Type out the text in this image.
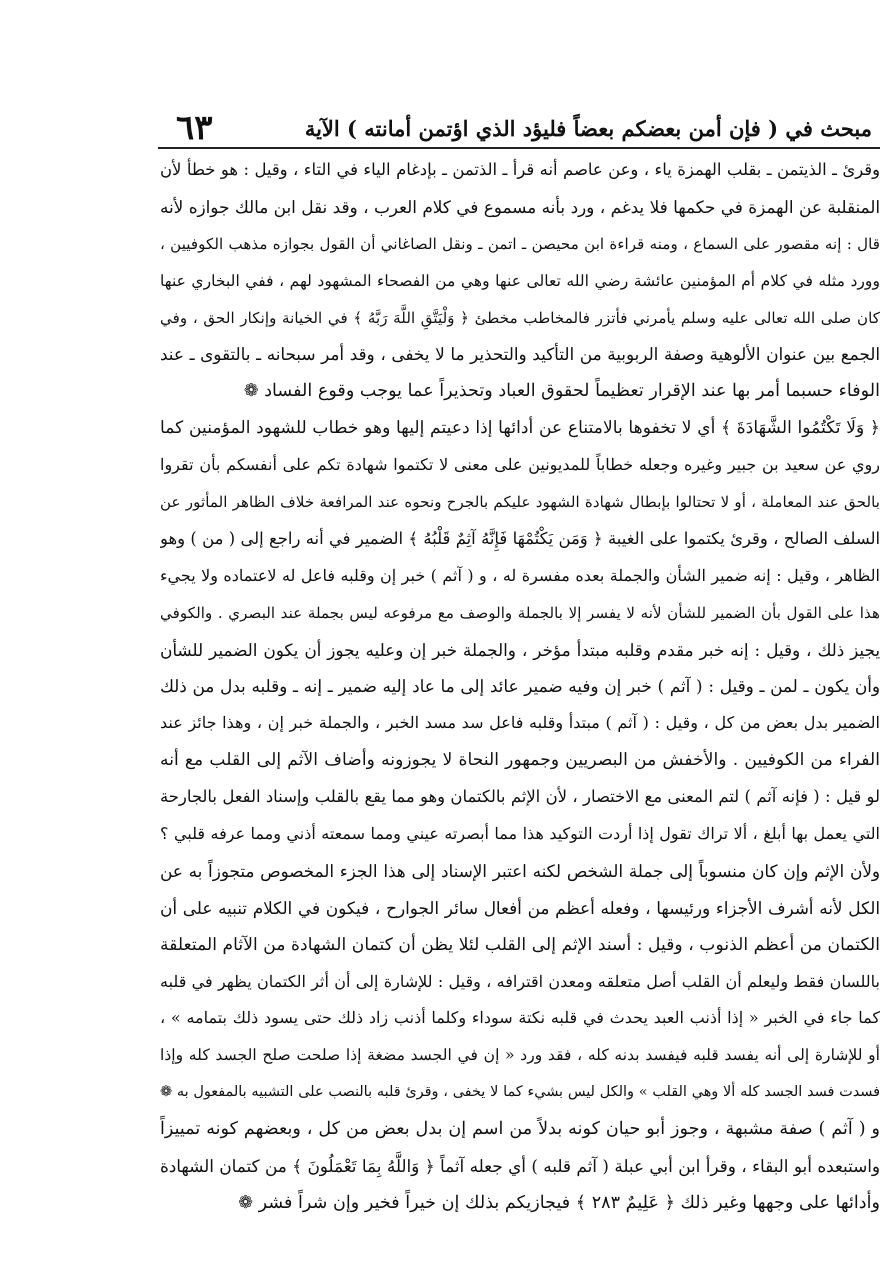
مبحث في ( فإن أمن بعضكم بعضاً فليؤد الذي اؤتمن أمانته ) الآية
٦٣
وقرئ ـ الذيتمن ـ بقلب الهمزة ياء ، وعن عاصم أنه قرأ ـ الذتمن ـ بإدغام الياء في التاء ، وقيل : هو خطأ لأن
المنقلبة عن الهمزة في حكمها فلا يدغم ، ورد بأنه مسموع في كلام العرب ، وقد نقل ابن مالك جوازه لأنه
قال : إنه مقصور على السماع ، ومنه قراءة ابن محيصن ـ اتمن ـ ونقل الصاغاني أن القول بجوازه مذهب الكوفيين ،
وورد مثله في كلام أم المؤمنين عائشة رضي الله تعالى عنها وهي من الفصحاء المشهود لهم ، ففي البخاري عنها
كان صلى الله تعالى عليه وسلم يأمرني فأتزر فالمخاطب مخطئ ﴿ وَلْيَتَّقِ اللَّهَ رَبَّهُ ﴾ في الخيانة وإنكار الحق ، وفي
الجمع بين عنوان الألوهية وصفة الربوبية من التأكيد والتحذير ما لا يخفى ، وقد أمر سبحانه ـ بالتقوى ـ عند
الوفاء حسبما أمر بها عند الإقرار تعظيماً لحقوق العباد وتحذيراً عما يوجب وقوع الفساد ❁
﴿ وَلَا تَكْتُمُوا الشَّهَادَةَ ﴾ أي لا تخفوها بالامتناع عن أدائها إذا دعيتم إليها وهو خطاب للشهود المؤمنين كما
روي عن سعيد بن جبير وغيره وجعله خطاباً للمديونين على معنى لا تكتموا شهادة تكم على أنفسكم بأن تقروا
بالحق عند المعاملة ، أو لا تحتالوا بإبطال شهادة الشهود عليكم بالجرح ونحوه عند المرافعة خلاف الظاهر المأثور عن
السلف الصالح ، وقرئ يكتموا على الغيبة ﴿ وَمَن يَكْتُمْهَا فَإِنَّهُ آثِمٌ قَلْبُهُ ﴾ الضمير في أنه راجع إلى ( من ) وهو
الظاهر ، وقيل : إنه ضمير الشأن والجملة بعده مفسرة له ، و ( آثم ) خبر إن وقلبه فاعل له لاعتماده ولا يجيء
هذا على القول بأن الضمير للشأن لأنه لا يفسر إلا بالجملة والوصف مع مرفوعه ليس بجملة عند البصري . والكوفي
يجيز ذلك ، وقيل : إنه خبر مقدم وقلبه مبتدأ مؤخر ، والجملة خبر إن وعليه يجوز أن يكون الضمير للشأن
وأن يكون ـ لمن ـ وقيل : ( آثم ) خبر إن وفيه ضمير عائد إلى ما عاد إليه ضمير ـ إنه ـ وقلبه بدل من ذلك
الضمير بدل بعض من كل ، وقيل : ( آثم ) مبتدأ وقلبه فاعل سد مسد الخبر ، والجملة خبر إن ، وهذا جائز عند
الفراء من الكوفيين . والأخفش من البصريين وجمهور النحاة لا يجوزونه وأضاف الآثم إلى القلب مع أنه
لو قيل : ( فإنه آثم ) لتم المعنى مع الاختصار ، لأن الإثم بالكتمان وهو مما يقع بالقلب وإسناد الفعل بالجارحة
التي يعمل بها أبلغ ، ألا تراك تقول إذا أردت التوكيد هذا مما أبصرته عيني ومما سمعته أذني ومما عرفه قلبي ؟
ولأن الإثم وإن كان منسوباً إلى جملة الشخص لكنه اعتبر الإسناد إلى هذا الجزء المخصوص متجوزاً به عن
الكل لأنه أشرف الأجزاء ورئيسها ، وفعله أعظم من أفعال سائر الجوارح ، فيكون في الكلام تنبيه على أن
الكتمان من أعظم الذنوب ، وقيل : أسند الإثم إلى القلب لئلا يظن أن كتمان الشهادة من الآثام المتعلقة
باللسان فقط وليعلم أن القلب أصل متعلقه ومعدن اقترافه ، وقيل : للإشارة إلى أن أثر الكتمان يظهر في قلبه
كما جاء في الخبر « إذا أذنب العبد يحدث في قلبه نكتة سوداء وكلما أذنب زاد ذلك حتى يسود ذلك بتمامه » ،
أو للإشارة إلى أنه يفسد قلبه فيفسد بدنه كله ، فقد ورد « إن في الجسد مضغة إذا صلحت صلح الجسد كله وإذا
فسدت فسد الجسد كله ألا وهي القلب » والكل ليس بشيء كما لا يخفى ، وقرئ قلبه بالنصب على التشبيه بالمفعول به ❁
و ( آثم ) صفة مشبهة ، وجوز أبو حيان كونه بدلاً من اسم إن بدل بعض من كل ، وبعضهم كونه تمييزاً
واستبعده أبو البقاء ، وقرأ ابن أبي عبلة ( آثم قلبه ) أي جعله آثماً ﴿ وَاللَّهُ بِمَا تَعْمَلُونَ ﴾ من كتمان الشهادة
وأدائها على وجهها وغير ذلك ﴿ عَلِيمٌ ٢٨٣ ﴾ فيجازيكم بذلك إن خيراً فخير وإن شراً فشر ❁
